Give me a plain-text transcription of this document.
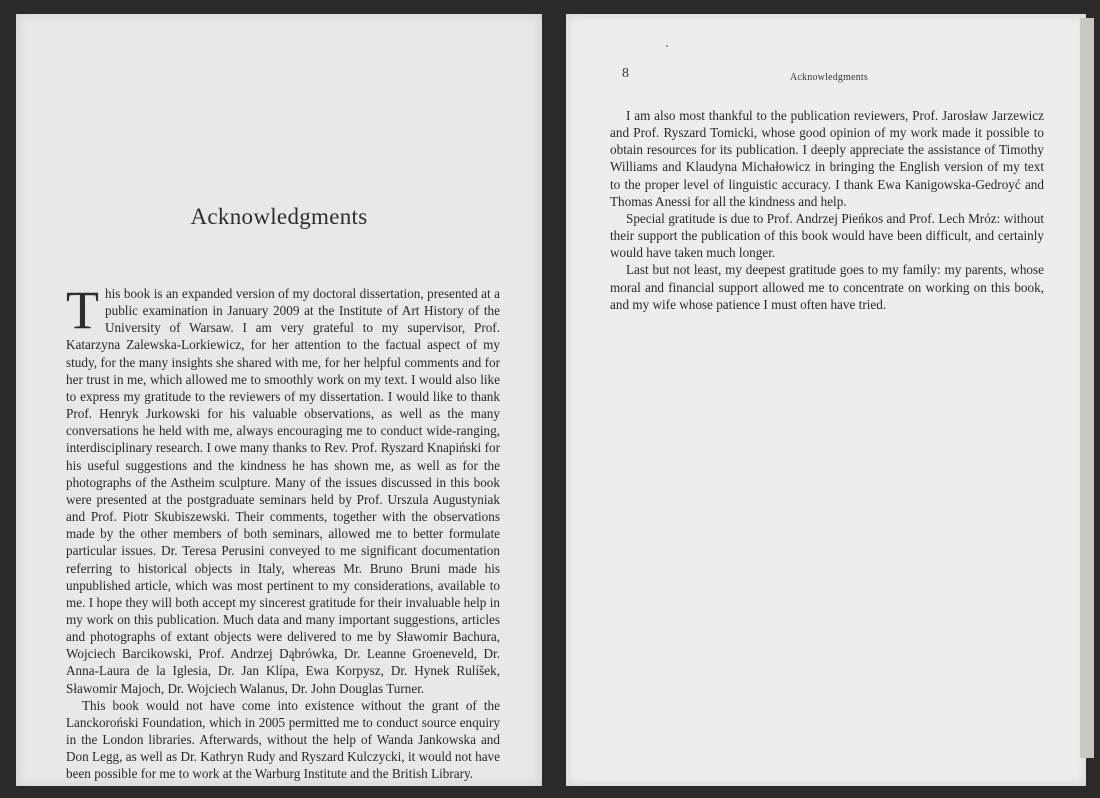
Acknowledgments

This book is an expanded version of my doctoral dissertation, presented at a public examination in January 2009 at the Institute of Art History of the University of Warsaw. I am very grateful to my supervisor, Prof. Katarzyna Zalewska-Lorkiewicz, for her attention to the factual aspect of my study, for the many insights she shared with me, for her helpful comments and for her trust in me, which allowed me to smoothly work on my text. I would also like to express my gratitude to the reviewers of my dissertation. I would like to thank Prof. Henryk Jurkowski for his valuable observations, as well as the many conversations he held with me, always encouraging me to conduct wide-ranging, interdisciplinary research. I owe many thanks to Rev. Prof. Ryszard Knapiński for his useful suggestions and the kindness he has shown me, as well as for the photographs of the Astheim sculpture. Many of the issues discussed in this book were presented at the postgraduate seminars held by Prof. Urszula Augustyniak and Prof. Piotr Skubiszewski. Their comments, together with the observations made by the other members of both seminars, allowed me to better formulate particular issues. Dr. Teresa Perusini conveyed to me significant documentation referring to historical objects in Italy, whereas Mr. Bruno Bruni made his unpublished article, which was most pertinent to my considerations, available to me. I hope they will both accept my sincerest gratitude for their invaluable help in my work on this publication. Much data and many important suggestions, articles and photographs of extant objects were delivered to me by Sławomir Bachura, Wojciech Barcikowski, Prof. Andrzej Dąbrówka, Dr. Leanne Groeneveld, Dr. Anna-Laura de la Iglesia, Dr. Jan Klípa, Ewa Korpysz, Dr. Hynek Rulíšek, Sławomir Majoch, Dr. Wojciech Walanus, Dr. John Douglas Turner.

This book would not have come into existence without the grant of the Lanckoroński Foundation, which in 2005 permitted me to conduct source enquiry in the London libraries. Afterwards, without the help of Wanda Jankowska and Don Legg, as well as Dr. Kathryn Rudy and Ryszard Kulczycki, it would not have been possible for me to work at the Warburg Institute and the British Library.

8	Acknowledgments

I am also most thankful to the publication reviewers, Prof. Jarosław Jarzewicz and Prof. Ryszard Tomicki, whose good opinion of my work made it possible to obtain resources for its publication. I deeply appreciate the assistance of Timothy Williams and Klaudyna Michałowicz in bringing the English version of my text to the proper level of linguistic accuracy. I thank Ewa Kanigowska-Gedroyć and Thomas Anessi for all the kindness and help.

Special gratitude is due to Prof. Andrzej Pieńkos and Prof. Lech Mróz: without their support the publication of this book would have been difficult, and certainly would have taken much longer.

Last but not least, my deepest gratitude goes to my family: my parents, whose moral and financial support allowed me to concentrate on working on this book, and my wife whose patience I must often have tried.
